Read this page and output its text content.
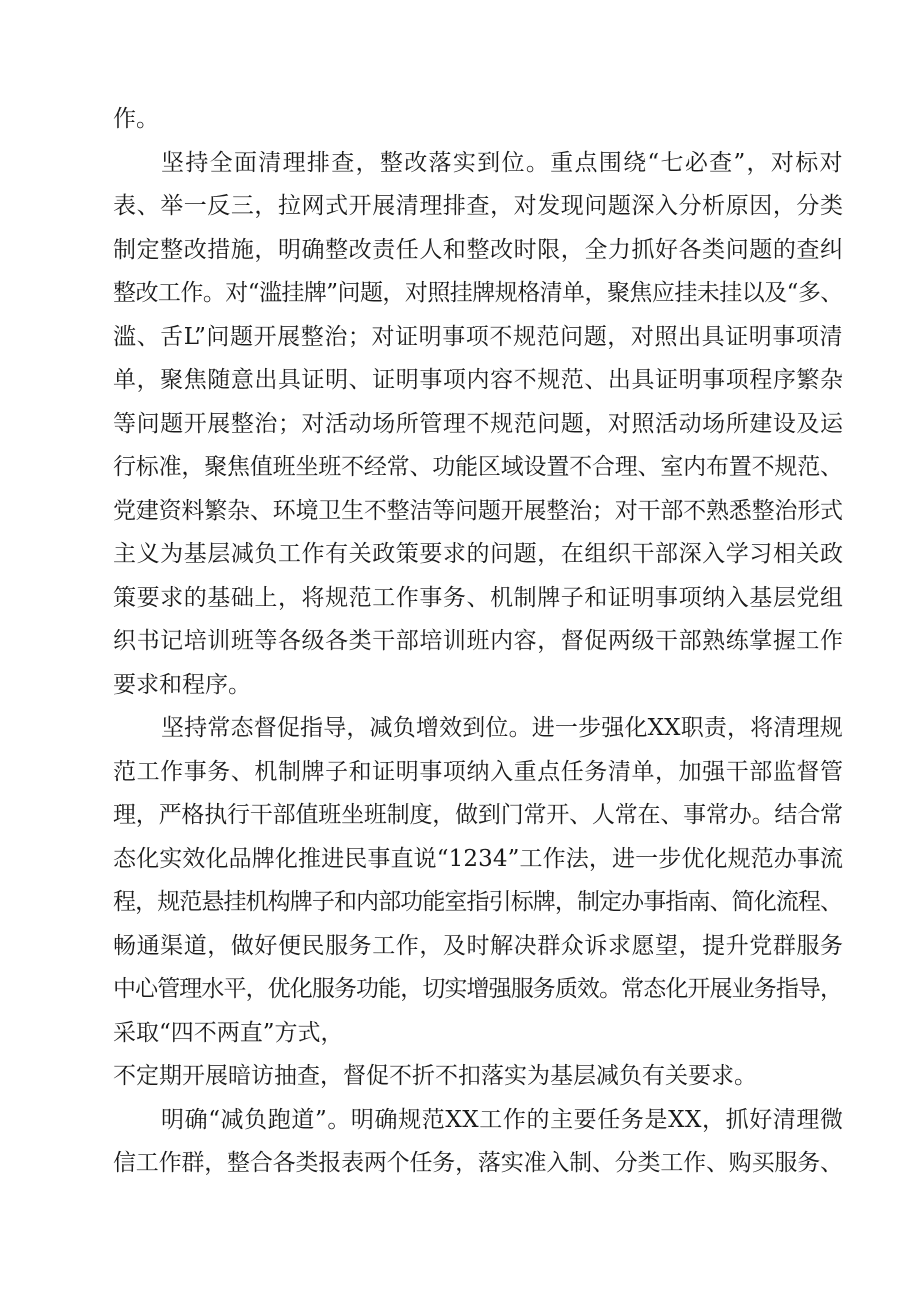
作。
坚持全面清理排查，整改落实到位。重点围绕“七必查”，对标对
表、举一反三，拉网式开展清理排查，对发现问题深入分析原因，分类
制定整改措施，明确整改责任人和整改时限，全力抓好各类问题的查纠
整改工作。对“滥挂牌”问题，对照挂牌规格清单，聚焦应挂未挂以及“多、
滥、舌L”问题开展整治；对证明事项不规范问题，对照出具证明事项清
单，聚焦随意出具证明、证明事项内容不规范、出具证明事项程序繁杂
等问题开展整治；对活动场所管理不规范问题，对照活动场所建设及运
行标准，聚焦值班坐班不经常、功能区域设置不合理、室内布置不规范、
党建资料繁杂、环境卫生不整洁等问题开展整治；对干部不熟悉整治形式
主义为基层减负工作有关政策要求的问题，在组织干部深入学习相关政
策要求的基础上，将规范工作事务、机制牌子和证明事项纳入基层党组
织书记培训班等各级各类干部培训班内容，督促两级干部熟练掌握工作
要求和程序。
坚持常态督促指导，减负增效到位。进一步强化XX职责，将清理规
范工作事务、机制牌子和证明事项纳入重点任务清单，加强干部监督管
理，严格执行干部值班坐班制度，做到门常开、人常在、事常办。结合常
态化实效化品牌化推进民事直说“1234”工作法，进一步优化规范办事流
程，规范悬挂机构牌子和内部功能室指引标牌，制定办事指南、简化流程、
畅通渠道，做好便民服务工作，及时解决群众诉求愿望，提升党群服务
中心管理水平，优化服务功能，切实增强服务质效。常态化开展业务指导，
采取“四不两直”方式，
不定期开展暗访抽查，督促不折不扣落实为基层减负有关要求。
明确“减负跑道”。明确规范XX工作的主要任务是XX，抓好清理微
信工作群，整合各类报表两个任务，落实准入制、分类工作、购买服务、
